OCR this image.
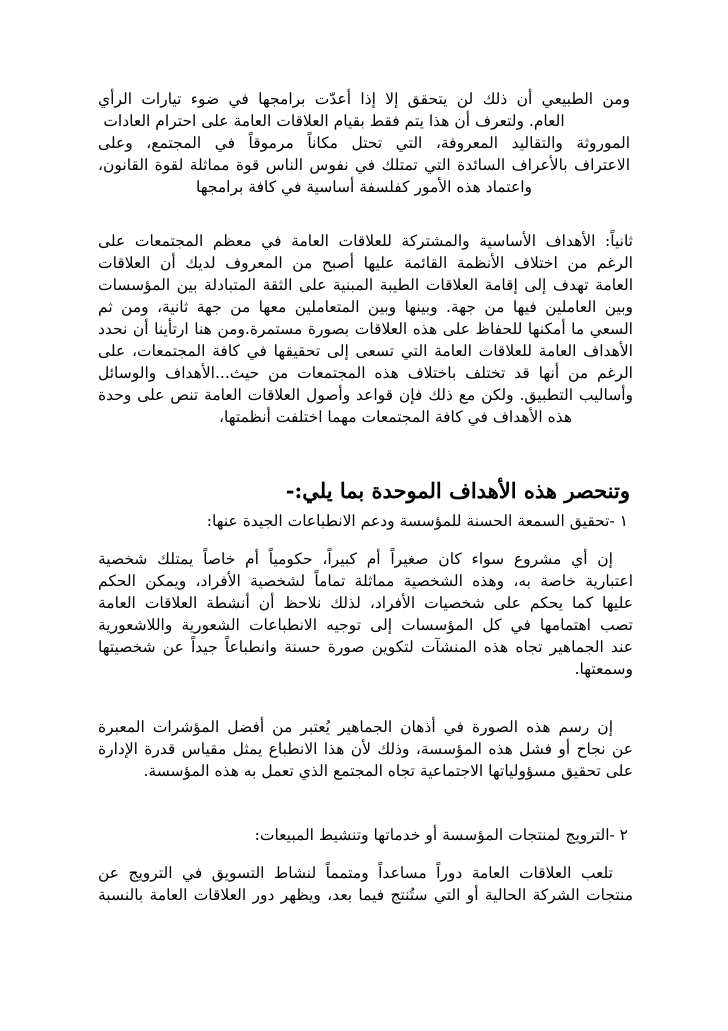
ومن الطبيعي أن ذلك لن يتحقق إلا إذا أعدّت برامجها في ضوء تيارات الرأي
العام. ولتعرف أن هذا يتم فقط بقيام العلاقات العامة على احترام العادات
الموروثة والتقاليد المعروفة، التي تحتل مكاناً مرموقاً في المجتمع، وعلى
الاعتراف بالأعراف السائدة التي تمتلك في نفوس الناس قوة مماثلة لقوة القانون،
واعتماد هذه الأمور كفلسفة أساسية في كافة برامجها
ثانياً: الأهداف الأساسية والمشتركة للعلاقات العامة في معظم المجتمعات على
الرغم من اختلاف الأنظمة القائمة عليها أصبح من المعروف لديك أن العلاقات
العامة تهدف إلى إقامة العلاقات الطيبة المبنية على الثقة المتبادلة بين المؤسسات
وبين العاملين فيها من جهة. وبينها وبين المتعاملين معها من جهة ثانية، ومن ثم
السعي ما أمكنها للحفاظ على هذه العلاقات بصورة مستمرة.ومن هنا ارتأينا أن نحدد
الأهداف العامة للعلاقات العامة التي تسعى إلى تحقيقها في كافة المجتمعات، على
الرغم من أنها قد تختلف باختلاف هذه المجتمعات من حيث...الأهداف والوسائل
وأساليب التطبيق. ولكن مع ذلك فإن قواعد وأصول العلاقات العامة تنص على وحدة
هذه الأهداف في كافة المجتمعات مهما اختلفت أنظمتها،
وتنحصر هذه الأهداف الموحدة بما يلي:-
١ -تحقيق السمعة الحسنة للمؤسسة ودعم الانطباعات الجيدة عنها:
إن أي مشروع سواء كان صغيراً أم كبيراً، حكومياً أم خاصاً يمتلك شخصية
اعتبارية خاصة به، وهذه الشخصية مماثلة تماماً لشخصية الأفراد، ويمكن الحكم
عليها كما يحكم على شخصيات الأفراد، لذلك نلاحظ أن أنشطة العلاقات العامة
تصب اهتمامها في كل المؤسسات إلى توجيه الانطباعات الشعورية واللاشعورية
عند الجماهير تجاه هذه المنشآت لتكوين صورة حسنة وانطباعاً جيداً عن شخصيتها
وسمعتها.
إن رسم هذه الصورة في أذهان الجماهير يُعتبر من أفضل المؤشرات المعبرة
عن نجاح أو فشل هذه المؤسسة، وذلك لأن هذا الانطباع يمثل مقياس قدرة الإدارة
على تحقيق مسؤولياتها الاجتماعية تجاه المجتمع الذي تعمل به هذه المؤسسة.
٢ -الترويج لمنتجات المؤسسة أو خدماتها وتنشيط المبيعات:
تلعب العلاقات العامة دوراً مساعداً ومتمماً لنشاط التسويق في الترويج عن
منتجات الشركة الحالية أو التي ستُنتج فيما بعد، ويظهر دور العلاقات العامة بالنسبة
